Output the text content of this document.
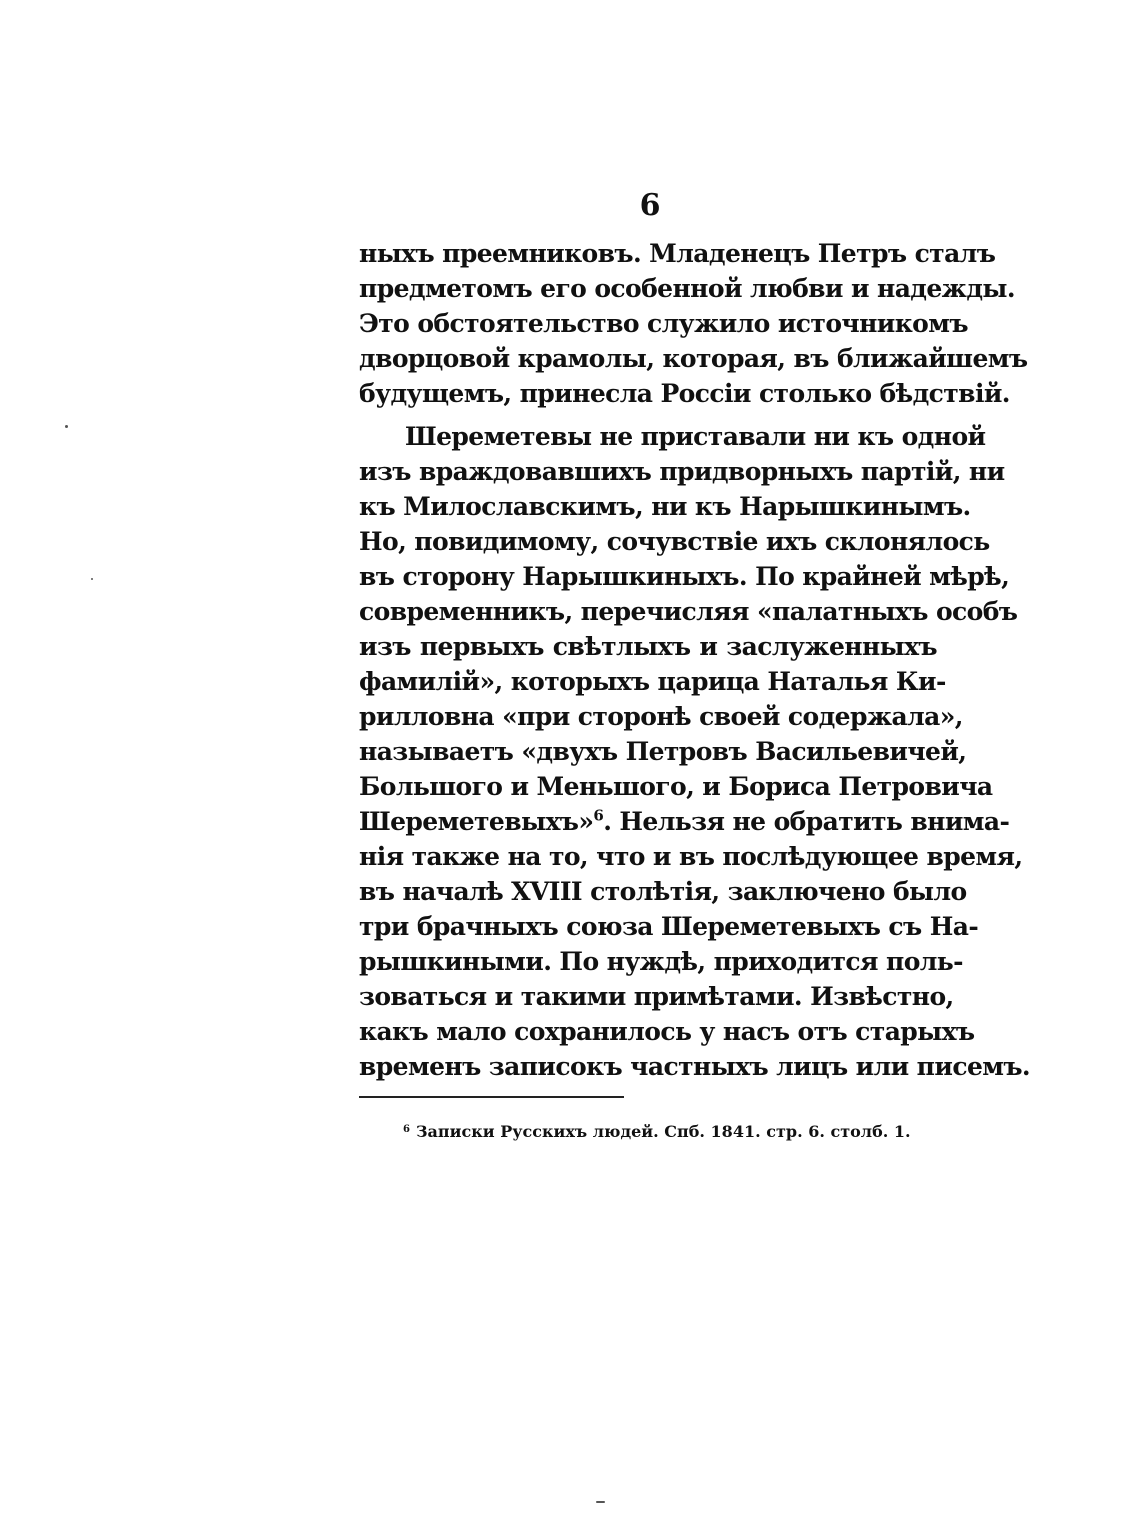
6
ныхъ преемниковъ. Младенецъ Петръ сталъ
предметомъ его особенной любви и надежды.
Это обстоятельство служило источникомъ
дворцовой крамолы, которая, въ ближайшемъ
будущемъ, принесла Россіи столько бѣдствій.
Шереметевы не приставали ни къ одной
изъ враждовавшихъ придворныхъ партій, ни
къ Милославскимъ, ни къ Нарышкинымъ.
Но, повидимому, сочувствіе ихъ склонялось
въ сторону Нарышкиныхъ. По крайней мѣрѣ,
современникъ, перечисляя «палатныхъ особъ
изъ первыхъ свѣтлыхъ и заслуженныхъ
фамилій», которыхъ царица Наталья Ки-
рилловна «при сторонѣ своей содержала»,
называетъ «двухъ Петровъ Васильевичей,
Большого и Меньшого, и Бориса Петровича
Шереметевыхъ»$^6$. Нельзя не обратить внима-
нія также на то, что и въ послѣдующее время,
въ началѣ XVIII столѣтія, заключено было
три брачныхъ союза Шереметевыхъ съ На-
рышкиными. По нуждѣ, приходится поль-
зоваться и такими примѣтами. Извѣстно,
какъ мало сохранилось у насъ отъ старыхъ
временъ записокъ частныхъ лицъ или писемъ.
$^6$ Записки Русскихъ людей. Спб. 1841. стр. 6. столб. 1.
